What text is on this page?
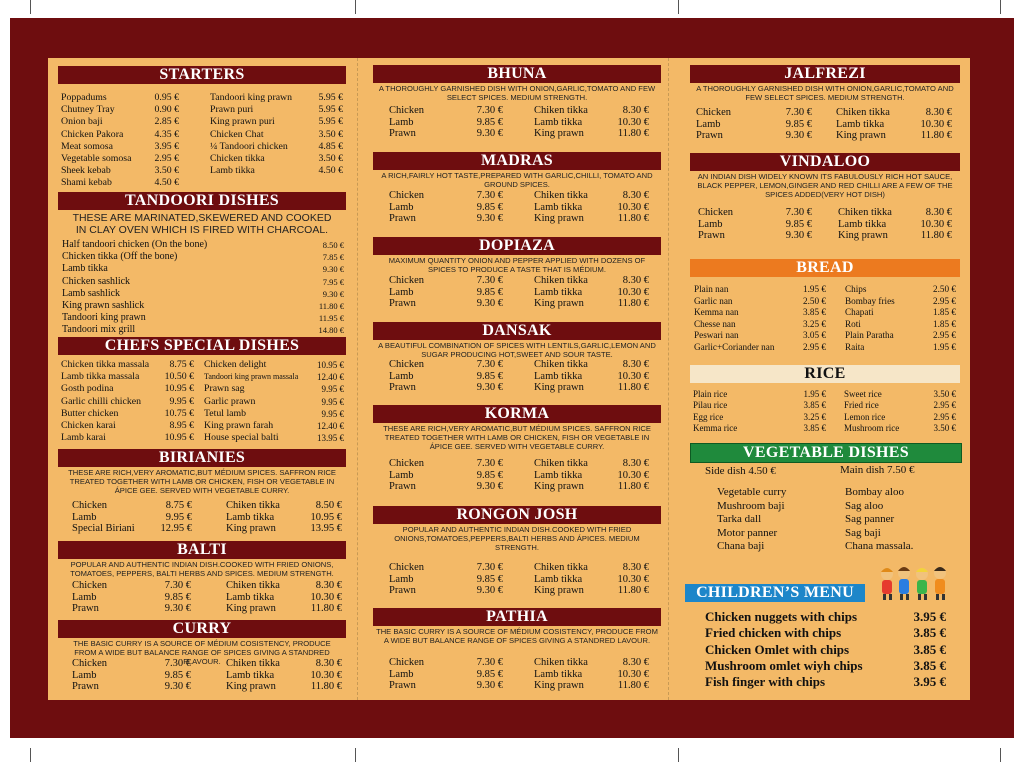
STARTERS
Poppadums	0.95 €
Chutney Tray	0.90 €
Onion baji	2.85 €
Chicken Pakora	4.35 €
Meat somosa	3.95 €
Vegetable somosa	2.95 €
Sheek kebab	3.50 €
Shami kebab	4.50 €
Tandoori king prawn	5.95 €
Prawn puri	5.95 €
King prawn puri	5.95 €
Chicken Chat	3.50 €
¼ Tandoori chicken	4.85 €
Chicken tikka	3.50 €
Lamb tikka	4.50 €
TANDOORI DISHES
THESE ARE MARINATED,SKEWERED AND COOKED IN CLAY OVEN WHICH IS FIRED WITH CHARCOAL.
Half tandoori chicken (On the bone)	8.50 €
Chicken tikka (Off the bone)	7.85 €
Lamb tikka	9.30 €
Chicken sashlick	7.95 €
Lamb sashlick	9.30 €
King prawn sashlick	11.80 €
Tandoori king prawn	11.95 €
Tandoori mix grill	14.80 €
CHEFS SPECIAL DISHES
Chicken tikka massala	8.75 €
Lamb tikka massala	10.50 €
Gosth podina	10.95 €
Garlic chilli chicken	9.95 €
Butter chicken	10.75 €
Chicken karai	8.95 €
Lamb karai	10.95 €
Chicken delight	10.95 €
Tandoori king prawn massala	12.40 €
Prawn sag	9.95 €
Garlic prawn	9.95 €
Tetul lamb	9.95 €
King prawn farah	12.40 €
House special balti	13.95 €
BIRIANIES
THESE ARE RICH,VERY AROMATIC,BUT MÉDIUM SPICES. SAFFRON RICE TREATED TOGETHER WITH LAMB OR CHICKEN, FISH OR VEGETABLE IN ÁPICE GEE. SERVED WITH VEGETABLE CURRY.
Chicken	8.75 €
Lamb	9.95 €
Special Biriani	12.95 €
Chiken tikka	8.50 €
Lamb tikka	10.95 €
King prawn	13.95 €
BALTI
POPULAR AND AUTHENTIC INDIAN DISH.COOKED WITH FRIED ONIONS, TOMATOES, PEPPERS, BALTI HERBS AND SPICES. MEDIUM STRENGTH.
Chicken	7.30 €
Lamb	9.85 €
Prawn	9.30 €
Chiken tikka	8.30 €
Lamb tikka	10.30 €
King prawn	11.80 €
CURRY
THE BASIC CURRY IS A SOURCE OF MÉDIUM COSISTENCY, PRODUCE FROM A WIDE BUT BALANCE RANGE OF SPICES GIVING A STANDRED FLAVOUR.
Chicken	7.30 €
Lamb	9.85 €
Prawn	9.30 €
Chiken tikka	8.30 €
Lamb tikka	10.30 €
King prawn	11.80 €
BHUNA
A THOROUGHLY GARNISHED DISH WITH ONION,GARLIC,TOMATO AND FEW SELECT SPICES. MEDIUM STRENGTH.
Chicken	7.30 €
Lamb	9.85 €
Prawn	9.30 €
Chiken tikka	8.30 €
Lamb tikka	10.30 €
King prawn	11.80 €
MADRAS
A RICH,FAIRLY HOT TASTE,PREPARED WITH GARLIC,CHILLI, TOMATO AND GROUND SPICES.
Chicken	7.30 €
Lamb	9.85 €
Prawn	9.30 €
Chiken tikka	8.30 €
Lamb tikka	10.30 €
King prawn	11.80 €
DOPIAZA
MAXIMUM QUANTITY ONION AND PEPPER APPLIED WITH DOZENS OF SPICES TO PRODUCE A TASTE THAT IS MÉDIUM.
Chicken	7.30 €
Lamb	9.85 €
Prawn	9.30 €
Chiken tikka	8.30 €
Lamb tikka	10.30 €
King prawn	11.80 €
DANSAK
A BEAUTIFUL COMBINATION OF SPICES WITH LENTILS,GARLIC,LEMON AND SUGAR PRODUCING HOT,SWEET AND SOUR TASTE.
Chicken	7.30 €
Lamb	9.85 €
Prawn	9.30 €
Chiken tikka	8.30 €
Lamb tikka	10.30 €
King prawn	11.80 €
KORMA
THESE ARE RICH,VERY AROMATIC,BUT MÉDIUM SPICES. SAFFRON RICE TREATED TOGETHER WITH LAMB OR CHICKEN, FISH OR VEGETABLE IN ÁPICE GEE. SERVED WITH VEGETABLE CURRY.
Chicken	7.30 €
Lamb	9.85 €
Prawn	9.30 €
Chiken tikka	8.30 €
Lamb tikka	10.30 €
King prawn	11.80 €
RONGON JOSH
POPULAR AND AUTHENTIC INDIAN DISH.COOKED WITH FRIED ONIONS,TOMATOES,PEPPERS,BALTI HERBS AND ÁPICES. MEDIUM STRENGTH.
Chicken	7.30 €
Lamb	9.85 €
Prawn	9.30 €
Chiken tikka	8.30 €
Lamb tikka	10.30 €
King prawn	11.80 €
PATHIA
THE BASIC CURRY IS A SOURCE OF MÉDIUM COSISTENCY, PRODUCE FROM A WIDE BUT BALANCE RANGE OF SPICES GIVING A STANDRED LAVOUR.
Chicken	7.30 €
Lamb	9.85 €
Prawn	9.30 €
Chiken tikka	8.30 €
Lamb tikka	10.30 €
King prawn	11.80 €
JALFREZI
A THOROUGHLY GARNISHED DISH WITH ONION,GARLIC,TOMATO AND FEW SELECT SPICES. MEDIUM STRENGTH.
Chicken	7.30 €
Lamb	9.85 €
Prawn	9.30 €
Chiken tikka	8.30 €
Lamb tikka	10.30 €
King prawn	11.80 €
VINDALOO
AN INDIAN DISH WIDELY KNOWN ITS FABULOUSLY RICH HOT SAUCE, BLACK PEPPER, LEMON,GINGER AND RED CHILLI ARE A FEW OF THE SPICES ADDED(VERY HOT DISH)
Chicken	7.30 €
Lamb	9.85 €
Prawn	9.30 €
Chiken tikka	8.30 €
Lamb tikka	10.30 €
King prawn	11.80 €
BREAD
Plain nan	1.95 €
Garlic nan	2.50 €
Kemma nan	3.85 €
Chesse nan	3.25 €
Peswari nan	3.05 €
Garlic+Coriander nan	2.95 €
Chips	2.50 €
Bombay fries	2.95 €
Chapati	1.85 €
Roti	1.85 €
Plain Paratha	2.95 €
Raita	1.95 €
RICE
Plain rice	1.95 €
Pilau rice	3.85 €
Egg rice	3.25 €
Kemma rice	3.85 €
Sweet rice	3.50 €
Fried rice	2.95 €
Lemon rice	2.95 €
Mushroom rice	3.50 €
VEGETABLE DISHES
Side dish 4.50 €	Main dish 7.50 €
Vegetable curry
Mushroom baji
Tarka dall
Motor panner
Chana baji
Bombay aloo
Sag aloo
Sag panner
Sag baji
Chana massala.
CHILDREN’S MENU
Chicken nuggets with chips	3.95 €
Fried chicken with chips	3.85 €
Chicken Omlet with chips	3.85 €
Mushroom omlet wiyh chips	3.85 €
Fish finger with chips	3.95 €
